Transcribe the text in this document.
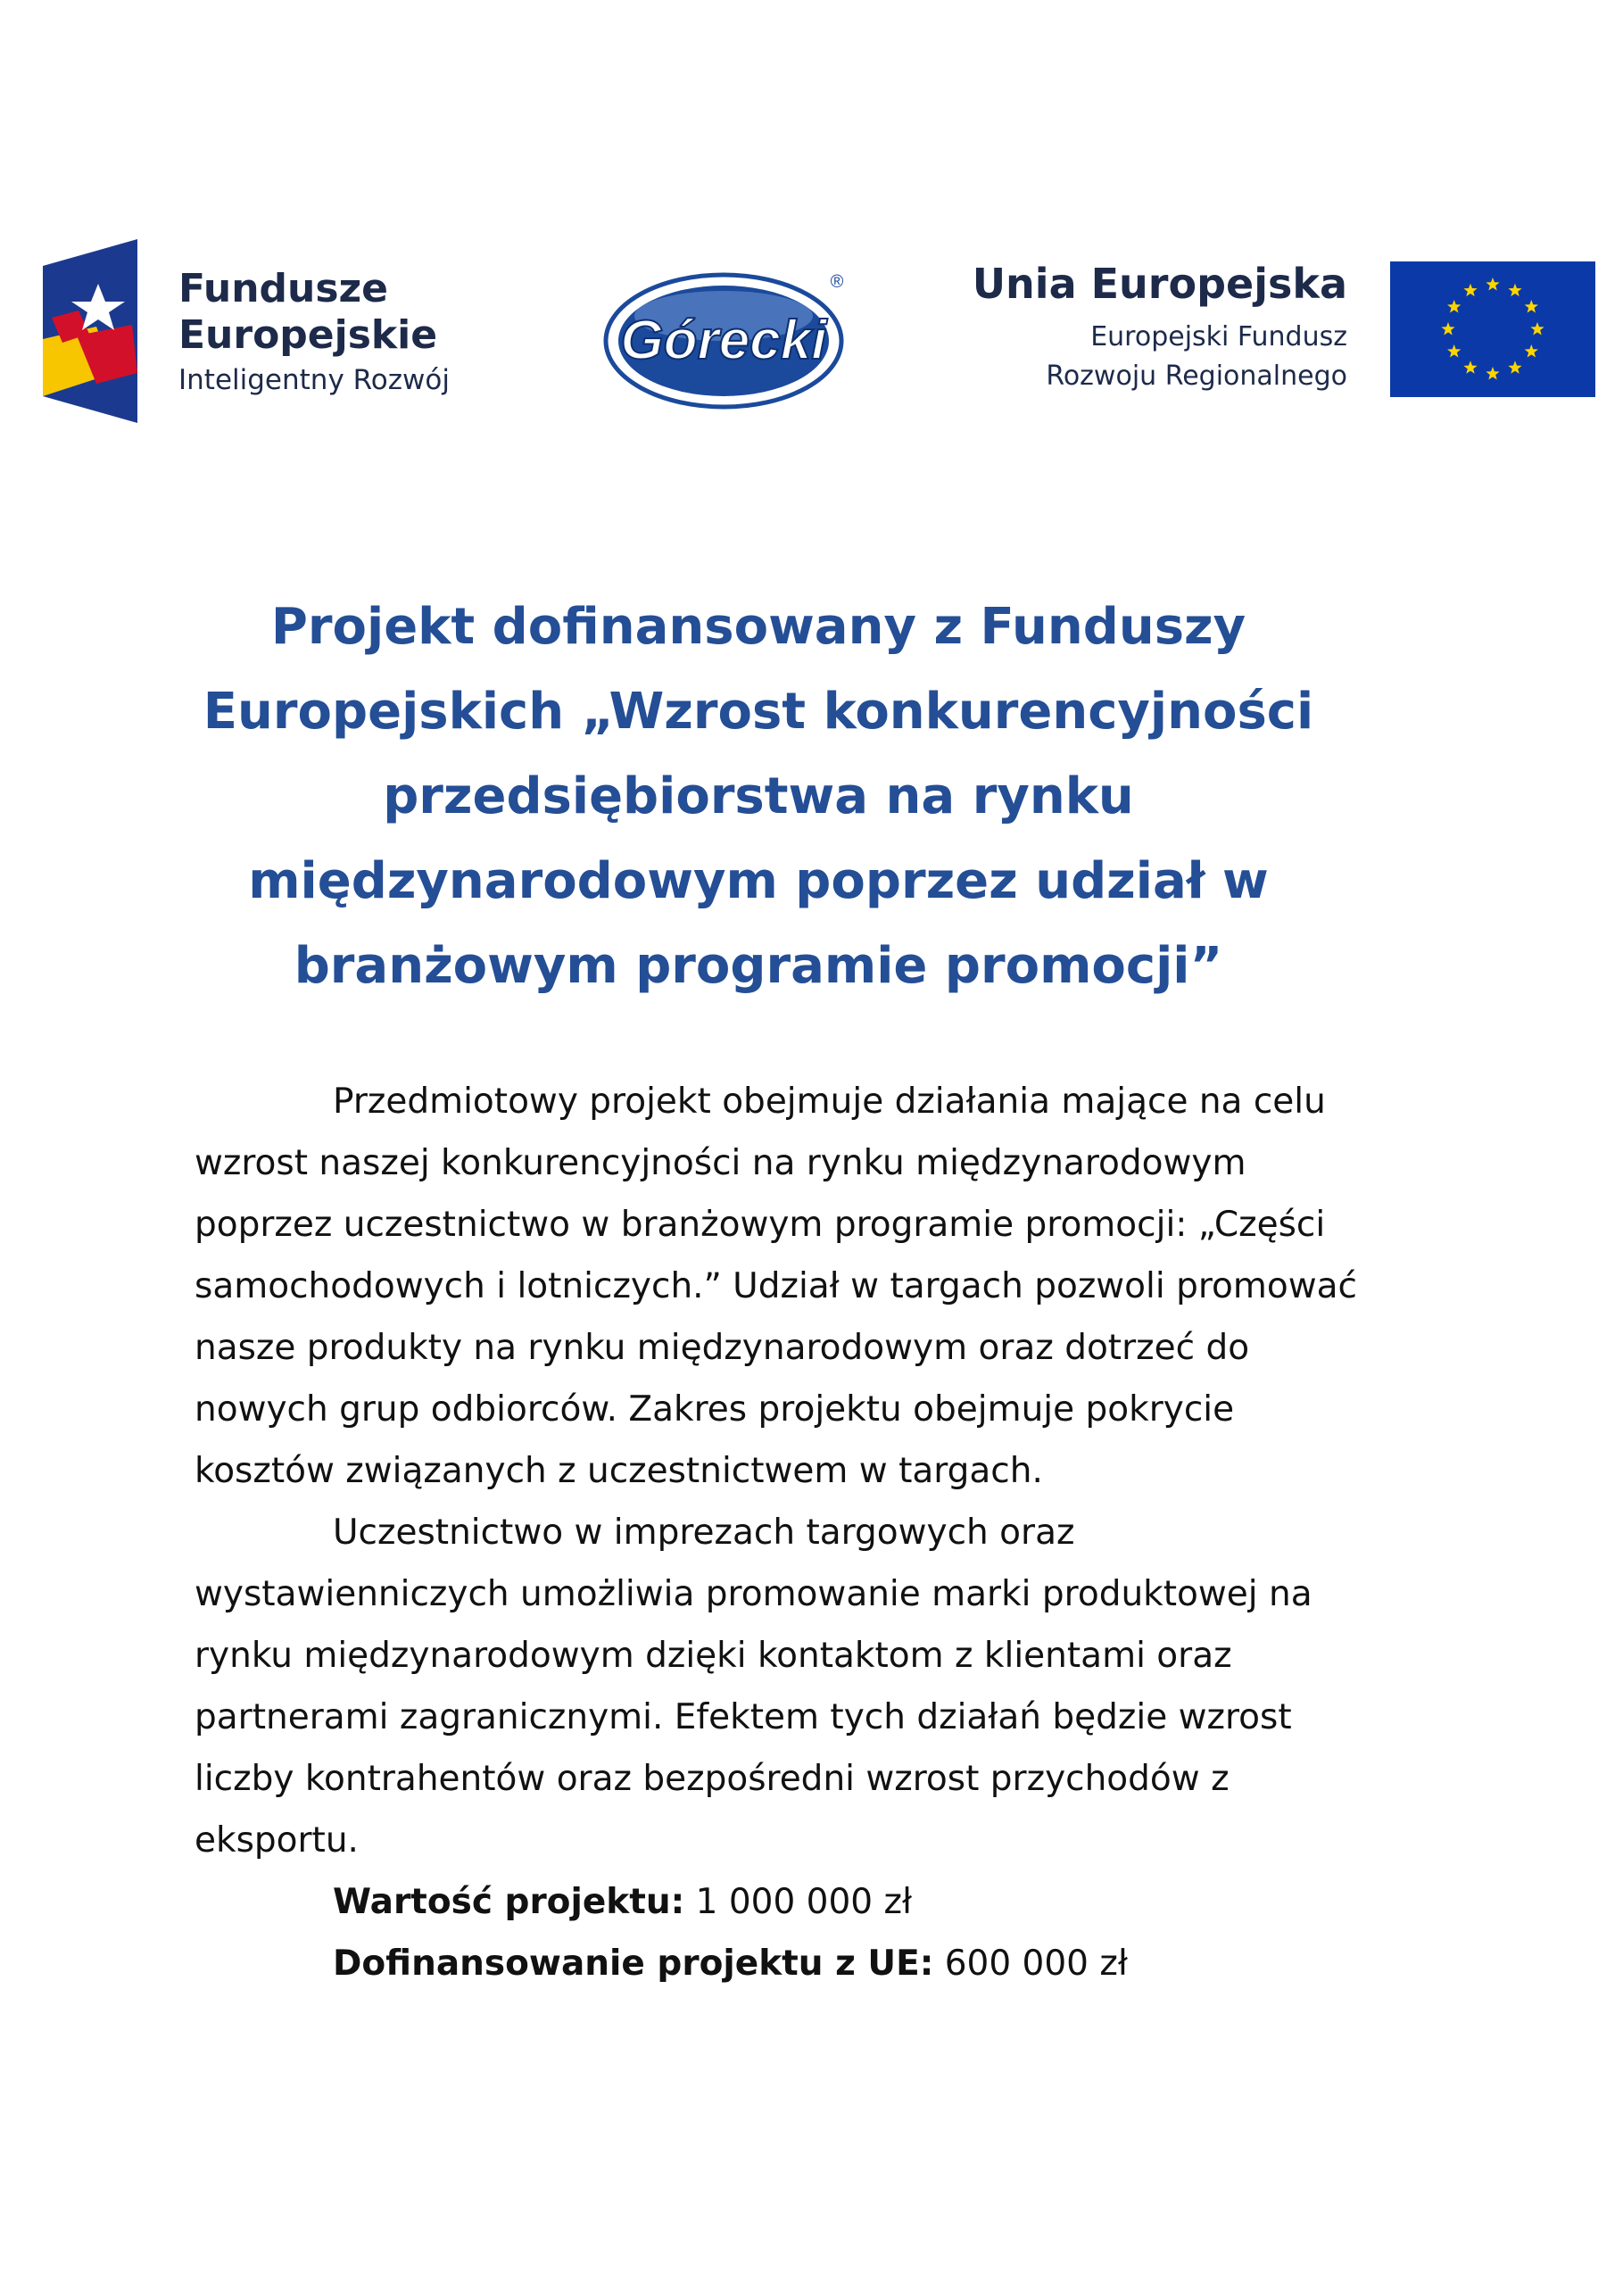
Fundusze
Europejskie
Inteligentny Rozwój
Górecki
®	Unia Europejska
Europejski Fundusz
Rozwoju Regionalnego
Projekt dofinansowany z Funduszy
Europejskich „Wzrost konkurencyjności
przedsiębiorstwa na rynku
międzynarodowym poprzez udział w
branżowym programie promocji”

Przedmiotowy projekt obejmuje działania mające na celu wzrost naszej konkurencyjności na rynku międzynarodowym poprzez uczestnictwo w branżowym programie promocji: „Części samochodowych i lotniczych.” Udział w targach pozwoli promować nasze produkty na rynku międzynarodowym oraz dotrzeć do nowych grup odbiorców. Zakres projektu obejmuje pokrycie kosztów związanych z uczestnictwem w targach.

Uczestnictwo w imprezach targowych oraz wystawienniczych umożliwia promowanie marki produktowej na rynku międzynarodowym dzięki kontaktom z klientami oraz partnerami zagranicznymi. Efektem tych działań będzie wzrost liczby kontrahentów oraz bezpośredni wzrost przychodów z eksportu.

Wartość projektu: 1 000 000 zł
Dofinansowanie projektu z UE: 600 000 zł
